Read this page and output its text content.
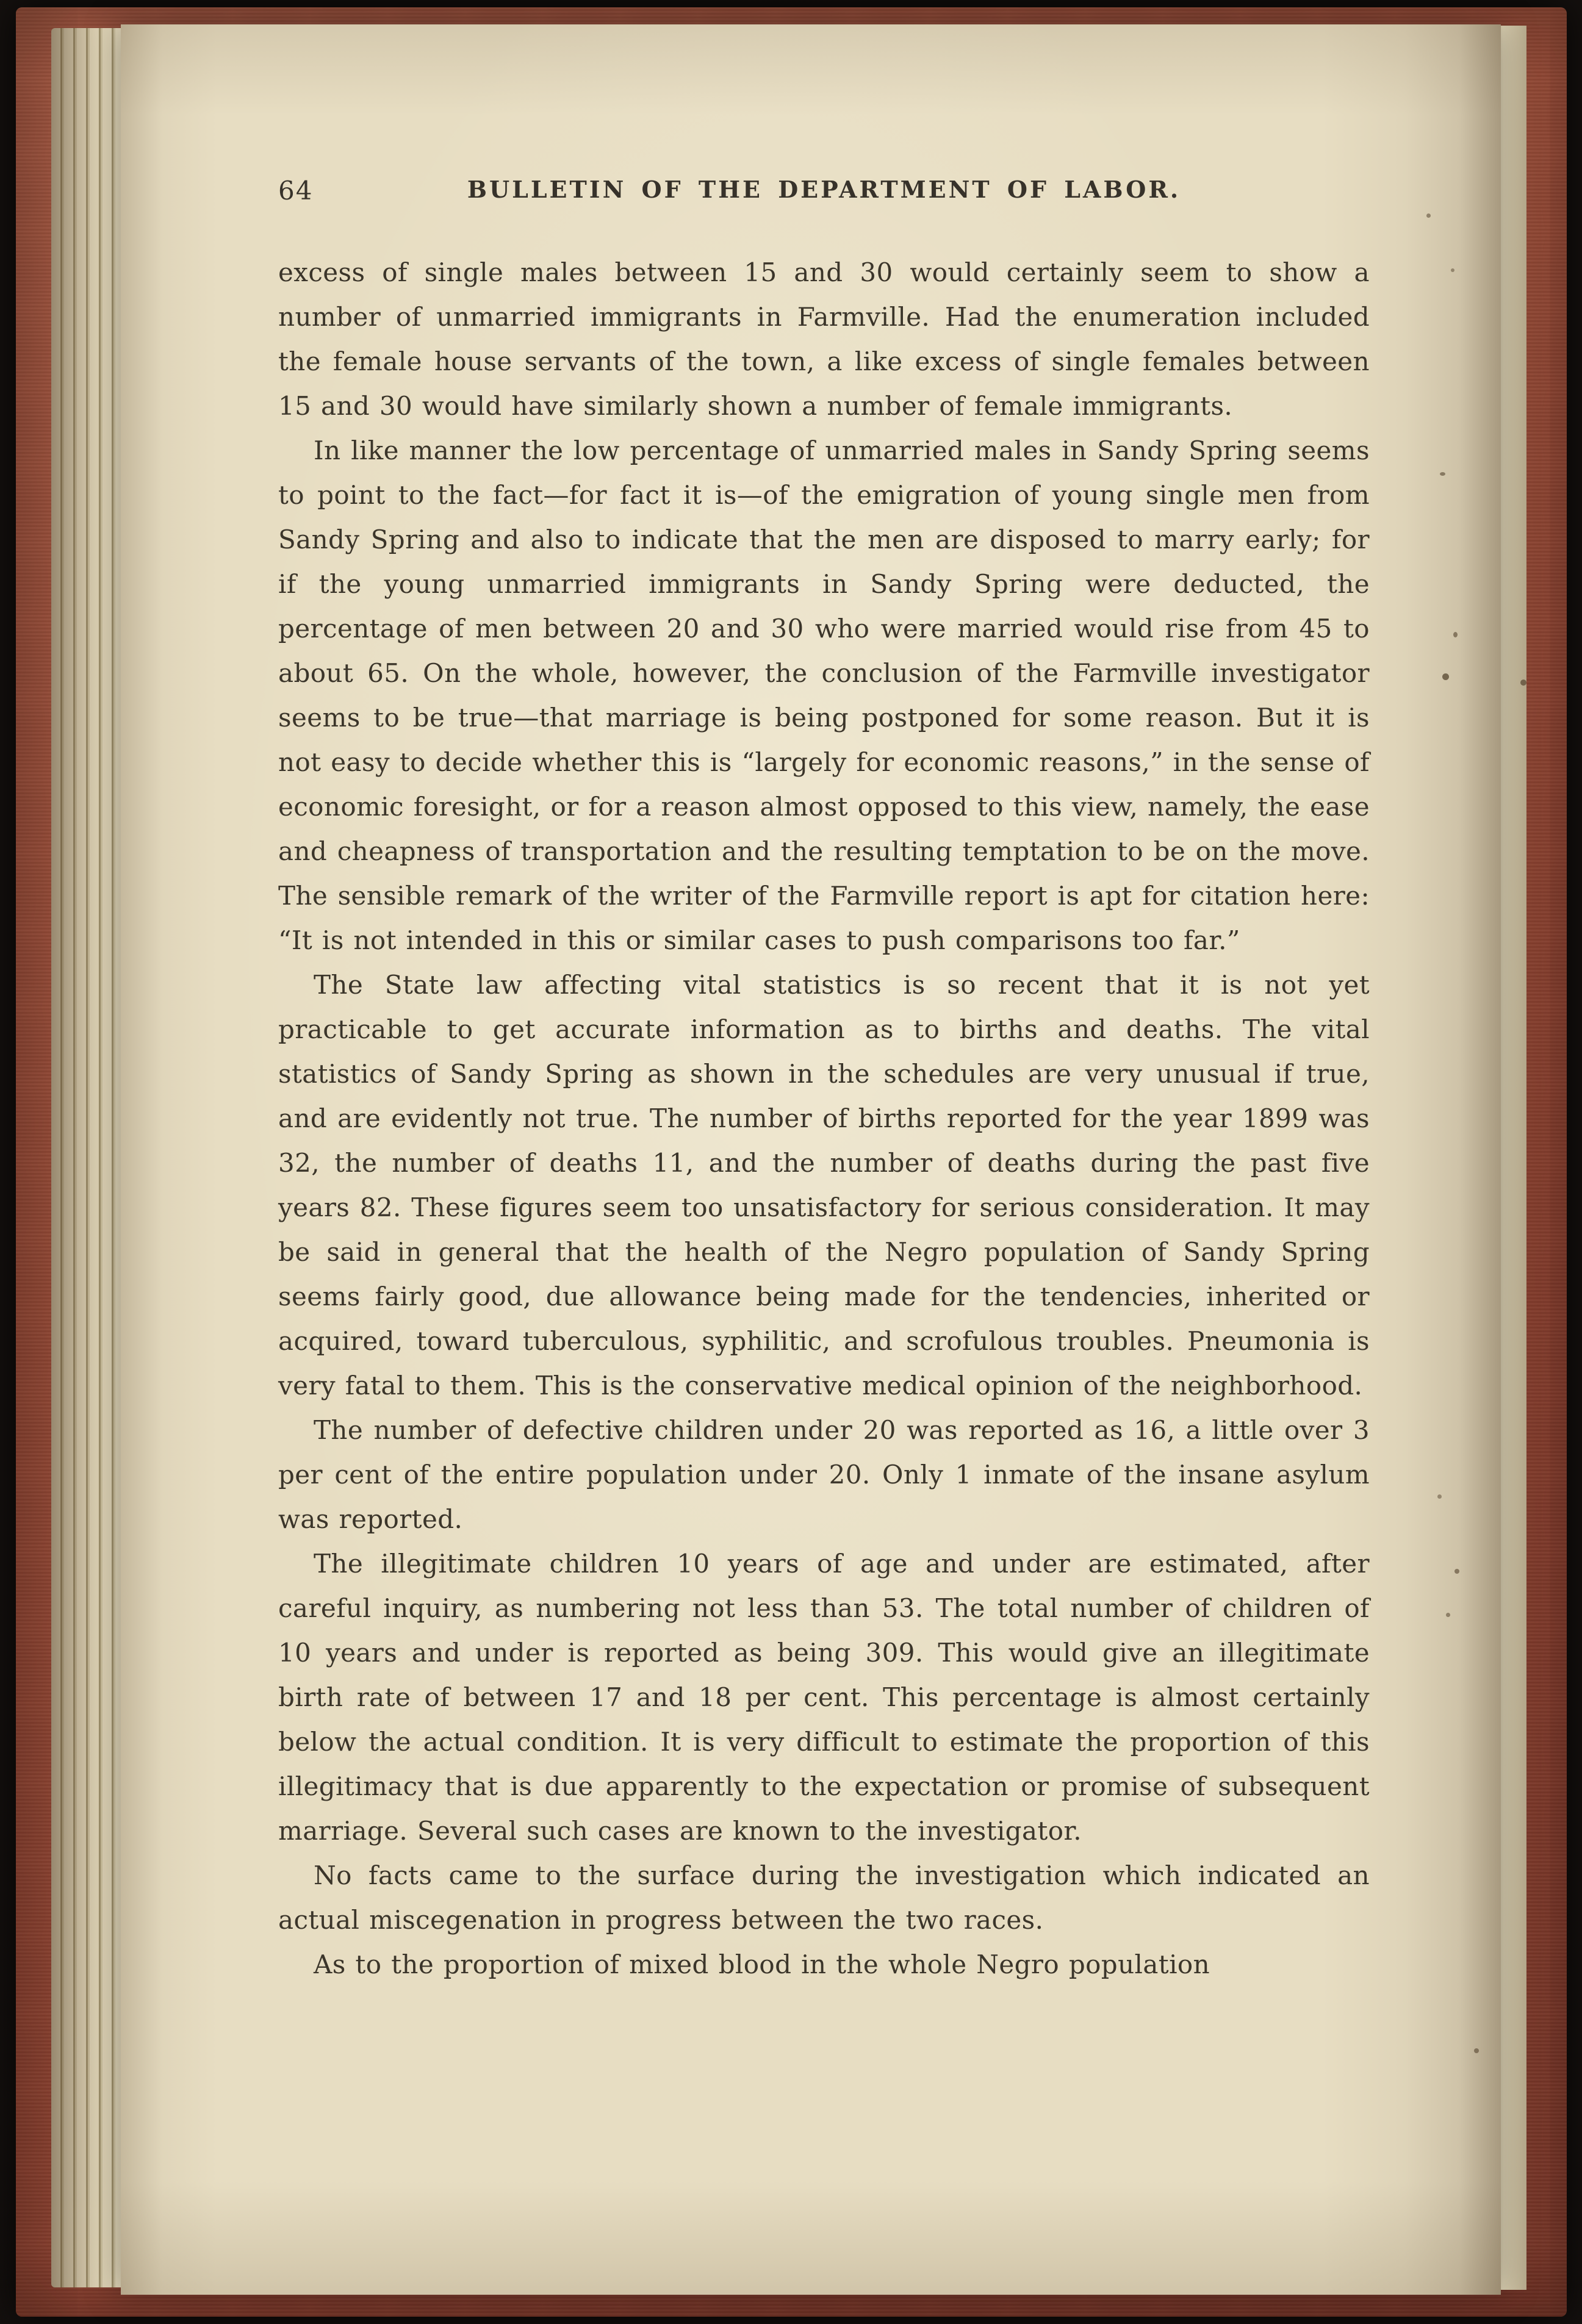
64	BULLETIN OF THE DEPARTMENT OF LABOR.

excess of single males between 15 and 30 would certainly seem to show a number of unmarried immigrants in Farmville. Had the enumeration included the female house servants of the town, a like excess of single females between 15 and 30 would have similarly shown a number of female immigrants.

In like manner the low percentage of unmarried males in Sandy Spring seems to point to the fact—for fact it is—of the emigration of young single men from Sandy Spring and also to indicate that the men are disposed to marry early; for if the young unmarried immigrants in Sandy Spring were deducted, the percentage of men between 20 and 30 who were married would rise from 45 to about 65. On the whole, however, the conclusion of the Farmville investigator seems to be true—that marriage is being postponed for some reason. But it is not easy to decide whether this is “largely for economic reasons,” in the sense of economic foresight, or for a reason almost opposed to this view, namely, the ease and cheapness of transportation and the resulting temptation to be on the move. The sensible remark of the writer of the Farmville report is apt for citation here: “It is not intended in this or similar cases to push comparisons too far.”

The State law affecting vital statistics is so recent that it is not yet practicable to get accurate information as to births and deaths. The vital statistics of Sandy Spring as shown in the schedules are very unusual if true, and are evidently not true. The number of births reported for the year 1899 was 32, the number of deaths 11, and the number of deaths during the past five years 82. These figures seem too unsatisfactory for serious consideration. It may be said in general that the health of the Negro population of Sandy Spring seems fairly good, due allowance being made for the tendencies, inherited or acquired, toward tuberculous, syphilitic, and scrofulous troubles. Pneumonia is very fatal to them. This is the conservative medical opinion of the neighborhood.

The number of defective children under 20 was reported as 16, a little over 3 per cent of the entire population under 20. Only 1 inmate of the insane asylum was reported.

The illegitimate children 10 years of age and under are estimated, after careful inquiry, as numbering not less than 53. The total number of children of 10 years and under is reported as being 309. This would give an illegitimate birth rate of between 17 and 18 per cent. This percentage is almost certainly below the actual condition. It is very difficult to estimate the proportion of this illegitimacy that is due apparently to the expectation or promise of subsequent marriage. Several such cases are known to the investigator.

No facts came to the surface during the investigation which indicated an actual miscegenation in progress between the two races.

As to the proportion of mixed blood in the whole Negro population
